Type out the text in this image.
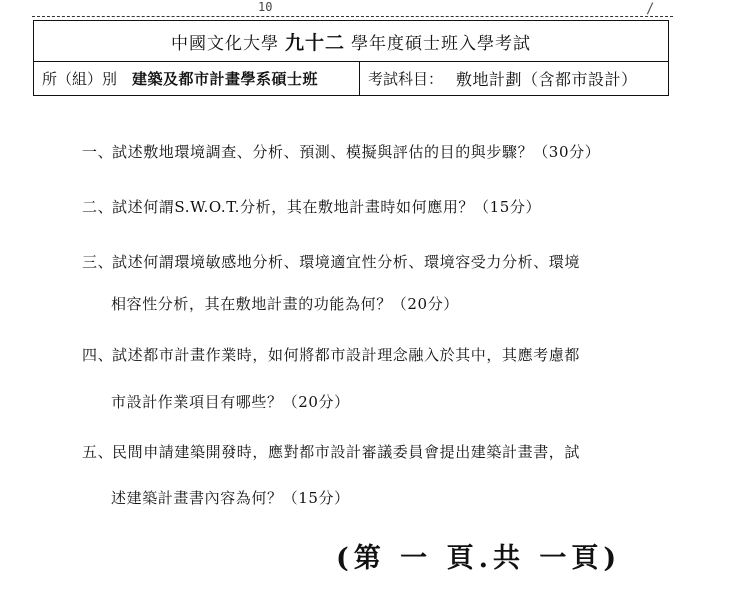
10	/
中國文化大學 九十二 學年度碩士班入學考試
所（組）別 建築及都市計畫學系碩士班	考試科目： 敷地計劃（含都市設計）
一、試述敷地環境調查、分析、預測、模擬與評估的目的與步驟？（30分）
二、試述何謂S.W.O.T.分析，其在敷地計畫時如何應用？（15分）
三、試述何謂環境敏感地分析、環境適宜性分析、環境容受力分析、環境
相容性分析，其在敷地計畫的功能為何？（20分）
四、試述都市計畫作業時，如何將都市設計理念融入於其中，其應考慮都
市設計作業項目有哪些？（20分）
五、民間申請建築開發時，應對都市設計審議委員會提出建築計畫書，試
述建築計畫書內容為何？（15分）
(第 一 頁.共 一頁)
